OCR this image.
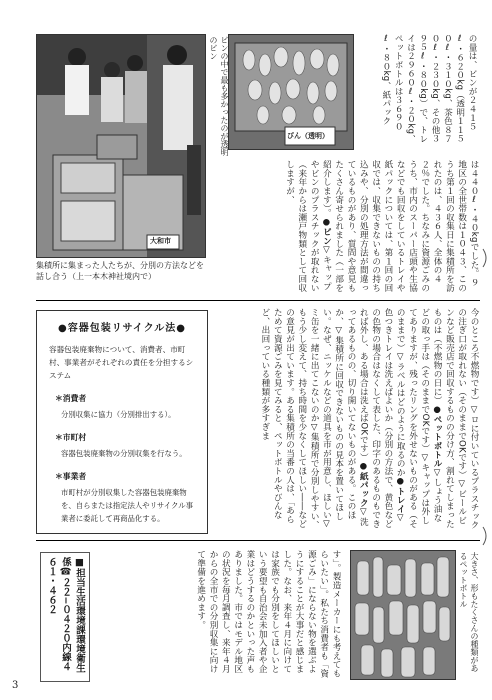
大和市
集積所に集まった人たちが、分別の方法などを話し合う（上一本木神社境内で）
びん（透明）
ビンの中で最も多かったのが透明のビン	の量は、ビンが２４１５ℓ・６２０kg（透明１１５０ℓ・３１０kg、茶色８７０ℓ・２３０kg、その他３９５ℓ・８０kg）で、トレイは２９６０ℓ・２０kg、ペットボトルは３６９０ℓ・８０kg、紙パック
は４４０ℓ・４０kgでした。９地区の全世帯数は１０４３、このうち第１回の収集日に集積所を訪れたのは、４３６人、全体の４２％でした。ちなみに資源ごみのうち、市内のスーパー店頭や生協などでも回収をしているトレイや紙パックについては、第１回の回収では、収集できないものの持ち込みや、分別の処理方法が間違っているものがあり、質問や意見もたくさん寄せられました（一部を紹介します）。●ビン▽キャップやビンのプラスチックが取れない（来年からは瀬戸物類として回収しますが、
●容器包装リサイクル法●
容器包装廃棄物について、消費者、市町村、事業者がそれぞれの責任を分担するシステム
＊消費者
分別収集に協力（分別排出する）。
＊市町村
容器包装廃棄物の分別収集を行なう。
＊事業者
市町村が分別収集した容器包装廃棄物を、自らまたは指定法人やリサイクル事業者に委託して再商品化する。	今のところ不燃物です）▽ロに付いているプラスチックの注ぎ口が取れない（そのままでOKです）▽ビールビンなど販売店で回収するものの分け方、割れてしまったものは（不燃物の日に）●ペットボトル▽しょう油などの取っ手は（そのままでOKです）▽キャップは外してありますが、残ったリングを外せないものがある（そのままで）▽ラベルはどのように取るのか●トレイ▽色つきトレイは洗えばよいか（分別の方法で、黄色などの色物の場合はなくして表した、印字のあるものもできれば外し、ある場合は洗えばOKです）●紙パック▽洗ってあるものの、切り開いてないものがある。このほか、▽集積所に回収できないものの見本を置いてほしい。なぜ、ニッケルなどの道具を市が用意し、ほしい▽ミ缶を一緒に出てこないのか▽集積所で分別しやすい、もう少し変えて、持ち時間を少なくしてほしい――などの意見が出ています。ある集積所の当番の人は、「あらためて資源ごみを見てみると、ペットボトルやびんなど、出回っている種類が多すぎま
■担当生活環境課環境衛生係☎２２−０４２０内線４６１・４６２	す」。製造メーカーにも考えてもらいたい」。私たち消費者も「資源ごみ」にならない物を選ぶようにすることが大事だと感じました。なお、来年４月に向けては家族でも分別をしてほしいという要望も自治会未加入者や企業はどうするのかといった声もありました。市ではモデル地区の状況を毎月調査し、来年４月からの全市での分別収集に向けて準備を進めます。	大きさ、形もたくさんの種類があるペットボトル
3
